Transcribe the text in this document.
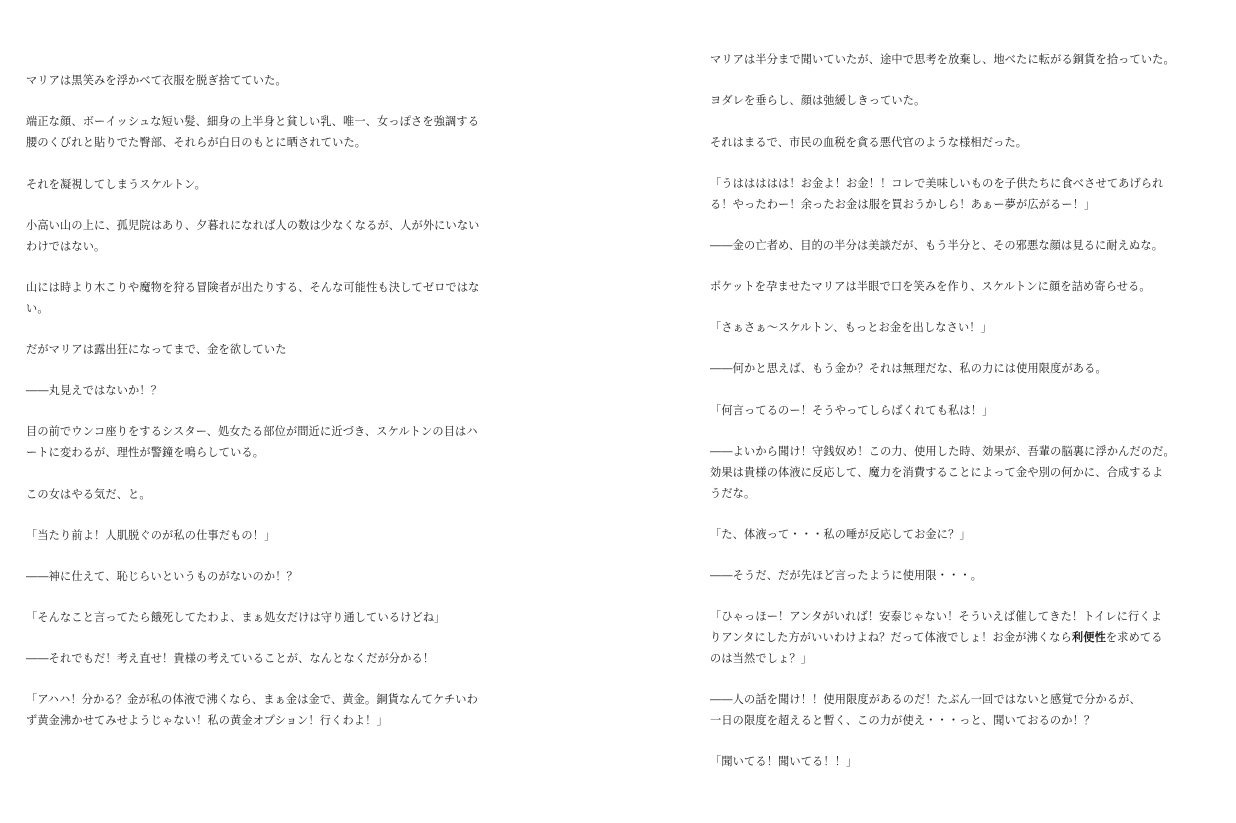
マリアは黒笑みを浮かべて衣服を脱ぎ捨てていた。
端正な顔、ボーイッシュな短い髪、細身の上半身と貧しい乳、唯一、女っぽさを強調する
腰のくびれと貼りでた臀部、それらが白日のもとに晒されていた。
それを凝視してしまうスケルトン。
小高い山の上に、孤児院はあり、夕暮れになれば人の数は少なくなるが、人が外にいない
わけではない。
山には時より木こりや魔物を狩る冒険者が出たりする、そんな可能性も決してゼロではな
い。
だがマリアは露出狂になってまで、金を欲していた
――丸見えではないか！？
目の前でウンコ座りをするシスター、処女たる部位が間近に近づき、スケルトンの目はハ
ートに変わるが、理性が警鐘を鳴らしている。
この女はやる気だ、と。
「当たり前よ！人肌脱ぐのが私の仕事だもの！」
――神に仕えて、恥じらいというものがないのか！？
「そんなこと言ってたら餓死してたわよ、まぁ処女だけは守り通しているけどね」
――それでもだ！考え直せ！貴様の考えていることが、なんとなくだが分かる！
「アハハ！分かる？金が私の体液で沸くなら、まぁ金は金で、黄金。銅貨なんてケチいわ
ず黄金沸かせてみせようじゃない！私の黄金オプション！行くわよ！」
マリアは半分まで聞いていたが、途中で思考を放棄し、地べたに転がる銅貨を拾っていた。
ヨダレを垂らし、顔は弛緩しきっていた。
それはまるで、市民の血税を貪る悪代官のような様相だった。
「うははははは！お金よ！お金！！コレで美味しいものを子供たちに食べさせてあげられ
る！やったわー！余ったお金は服を買おうかしら！あぁー夢が広がるー！」
――金の亡者め、目的の半分は美談だが、もう半分と、その邪悪な顔は見るに耐えぬな。
ポケットを孕ませたマリアは半眼で口を笑みを作り、スケルトンに顔を詰め寄らせる。
「さぁさぁ～スケルトン、もっとお金を出しなさい！」
――何かと思えば、もう金か？それは無理だな、私の力には使用限度がある。
「何言ってるのー！そうやってしらばくれても私は！」
――よいから聞け！守銭奴め！この力、使用した時、効果が、吾輩の脳裏に浮かんだのだ。
効果は貴様の体液に反応して、魔力を消費することによって金や別の何かに、合成するよ
うだな。
「た、体液って・・・私の唾が反応してお金に？」
――そうだ、だが先ほど言ったように使用限・・・。
「ひゃっほー！アンタがいれば！安泰じゃない！そういえば催してきた！トイレに行くよ
りアンタにした方がいいわけよね？だって体液でしょ！お金が沸くなら利便性を求めてる
のは当然でしょ？」
――人の話を聞け！！使用限度があるのだ！たぶん一回ではないと感覚で分かるが、
一日の限度を超えると暫く、この力が使え・・・っと、聞いておるのか！？
「聞いてる！聞いてる！！」
